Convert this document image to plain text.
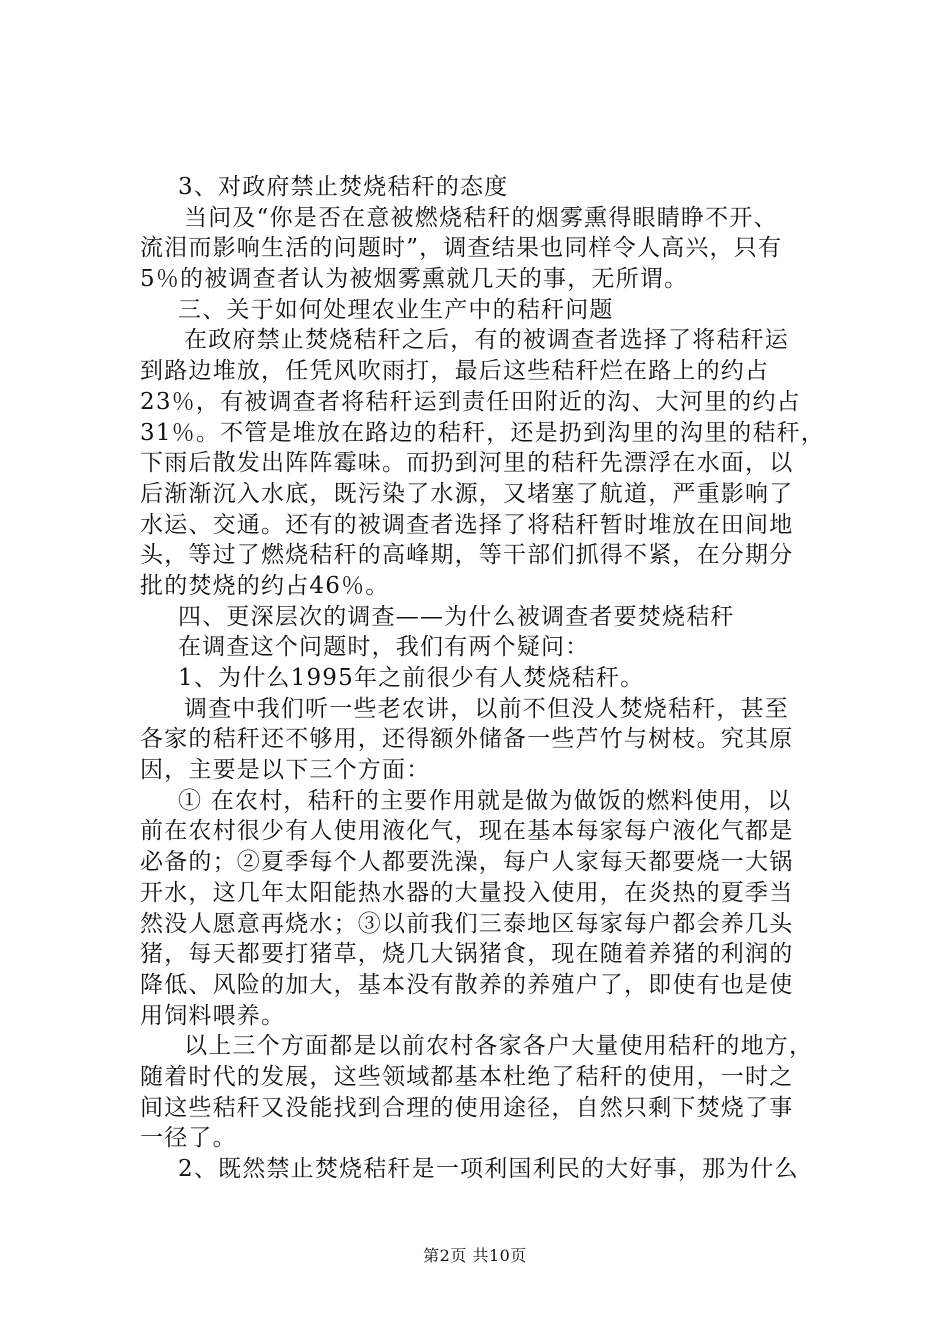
3、对政府禁止焚烧秸秆的态度
当问及“你是否在意被燃烧秸秆的烟雾熏得眼睛睁不开、
流泪而影响生活的问题时”，调查结果也同样令人高兴，只有
5％的被调查者认为被烟雾熏就几天的事，无所谓。
三、关于如何处理农业生产中的秸秆问题
在政府禁止焚烧秸秆之后，有的被调查者选择了将秸秆运
到路边堆放，任凭风吹雨打，最后这些秸秆烂在路上的约占
23％，有被调查者将秸秆运到责任田附近的沟、大河里的约占
31％。不管是堆放在路边的秸秆，还是扔到沟里的沟里的秸秆，
下雨后散发出阵阵霉味。而扔到河里的秸秆先漂浮在水面，以
后渐渐沉入水底，既污染了水源，又堵塞了航道，严重影响了
水运、交通。还有的被调查者选择了将秸秆暂时堆放在田间地
头，等过了燃烧秸秆的高峰期，等干部们抓得不紧，在分期分
批的焚烧的约占46％。
四、更深层次的调查——为什么被调查者要焚烧秸秆
在调查这个问题时，我们有两个疑问：
1、为什么1995年之前很少有人焚烧秸秆。
调查中我们听一些老农讲，以前不但没人焚烧秸秆，甚至
各家的秸秆还不够用，还得额外储备一些芦竹与树枝。究其原
因，主要是以下三个方面：
① 在农村，秸秆的主要作用就是做为做饭的燃料使用，以
前在农村很少有人使用液化气，现在基本每家每户液化气都是
必备的；②夏季每个人都要洗澡，每户人家每天都要烧一大锅
开水，这几年太阳能热水器的大量投入使用，在炎热的夏季当
然没人愿意再烧水；③以前我们三泰地区每家每户都会养几头
猪，每天都要打猪草，烧几大锅猪食，现在随着养猪的利润的
降低、风险的加大，基本没有散养的养殖户了，即使有也是使
用饲料喂养。
以上三个方面都是以前农村各家各户大量使用秸秆的地方，
随着时代的发展，这些领域都基本杜绝了秸秆的使用，一时之
间这些秸秆又没能找到合理的使用途径，自然只剩下焚烧了事
一径了。
2、既然禁止焚烧秸秆是一项利国利民的大好事，那为什么
第2页 共10页
